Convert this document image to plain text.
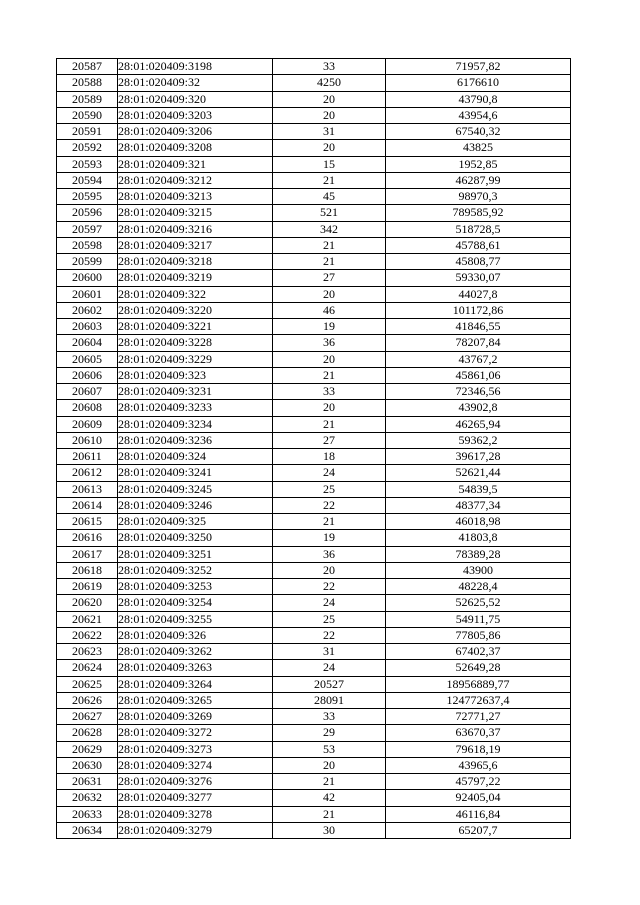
20587	28:01:020409:3198	33	71957,82
20588	28:01:020409:32	4250	6176610
20589	28:01:020409:320	20	43790,8
20590	28:01:020409:3203	20	43954,6
20591	28:01:020409:3206	31	67540,32
20592	28:01:020409:3208	20	43825
20593	28:01:020409:321	15	1952,85
20594	28:01:020409:3212	21	46287,99
20595	28:01:020409:3213	45	98970,3
20596	28:01:020409:3215	521	789585,92
20597	28:01:020409:3216	342	518728,5
20598	28:01:020409:3217	21	45788,61
20599	28:01:020409:3218	21	45808,77
20600	28:01:020409:3219	27	59330,07
20601	28:01:020409:322	20	44027,8
20602	28:01:020409:3220	46	101172,86
20603	28:01:020409:3221	19	41846,55
20604	28:01:020409:3228	36	78207,84
20605	28:01:020409:3229	20	43767,2
20606	28:01:020409:323	21	45861,06
20607	28:01:020409:3231	33	72346,56
20608	28:01:020409:3233	20	43902,8
20609	28:01:020409:3234	21	46265,94
20610	28:01:020409:3236	27	59362,2
20611	28:01:020409:324	18	39617,28
20612	28:01:020409:3241	24	52621,44
20613	28:01:020409:3245	25	54839,5
20614	28:01:020409:3246	22	48377,34
20615	28:01:020409:325	21	46018,98
20616	28:01:020409:3250	19	41803,8
20617	28:01:020409:3251	36	78389,28
20618	28:01:020409:3252	20	43900
20619	28:01:020409:3253	22	48228,4
20620	28:01:020409:3254	24	52625,52
20621	28:01:020409:3255	25	54911,75
20622	28:01:020409:326	22	77805,86
20623	28:01:020409:3262	31	67402,37
20624	28:01:020409:3263	24	52649,28
20625	28:01:020409:3264	20527	18956889,77
20626	28:01:020409:3265	28091	124772637,4
20627	28:01:020409:3269	33	72771,27
20628	28:01:020409:3272	29	63670,37
20629	28:01:020409:3273	53	79618,19
20630	28:01:020409:3274	20	43965,6
20631	28:01:020409:3276	21	45797,22
20632	28:01:020409:3277	42	92405,04
20633	28:01:020409:3278	21	46116,84
20634	28:01:020409:3279	30	65207,7
